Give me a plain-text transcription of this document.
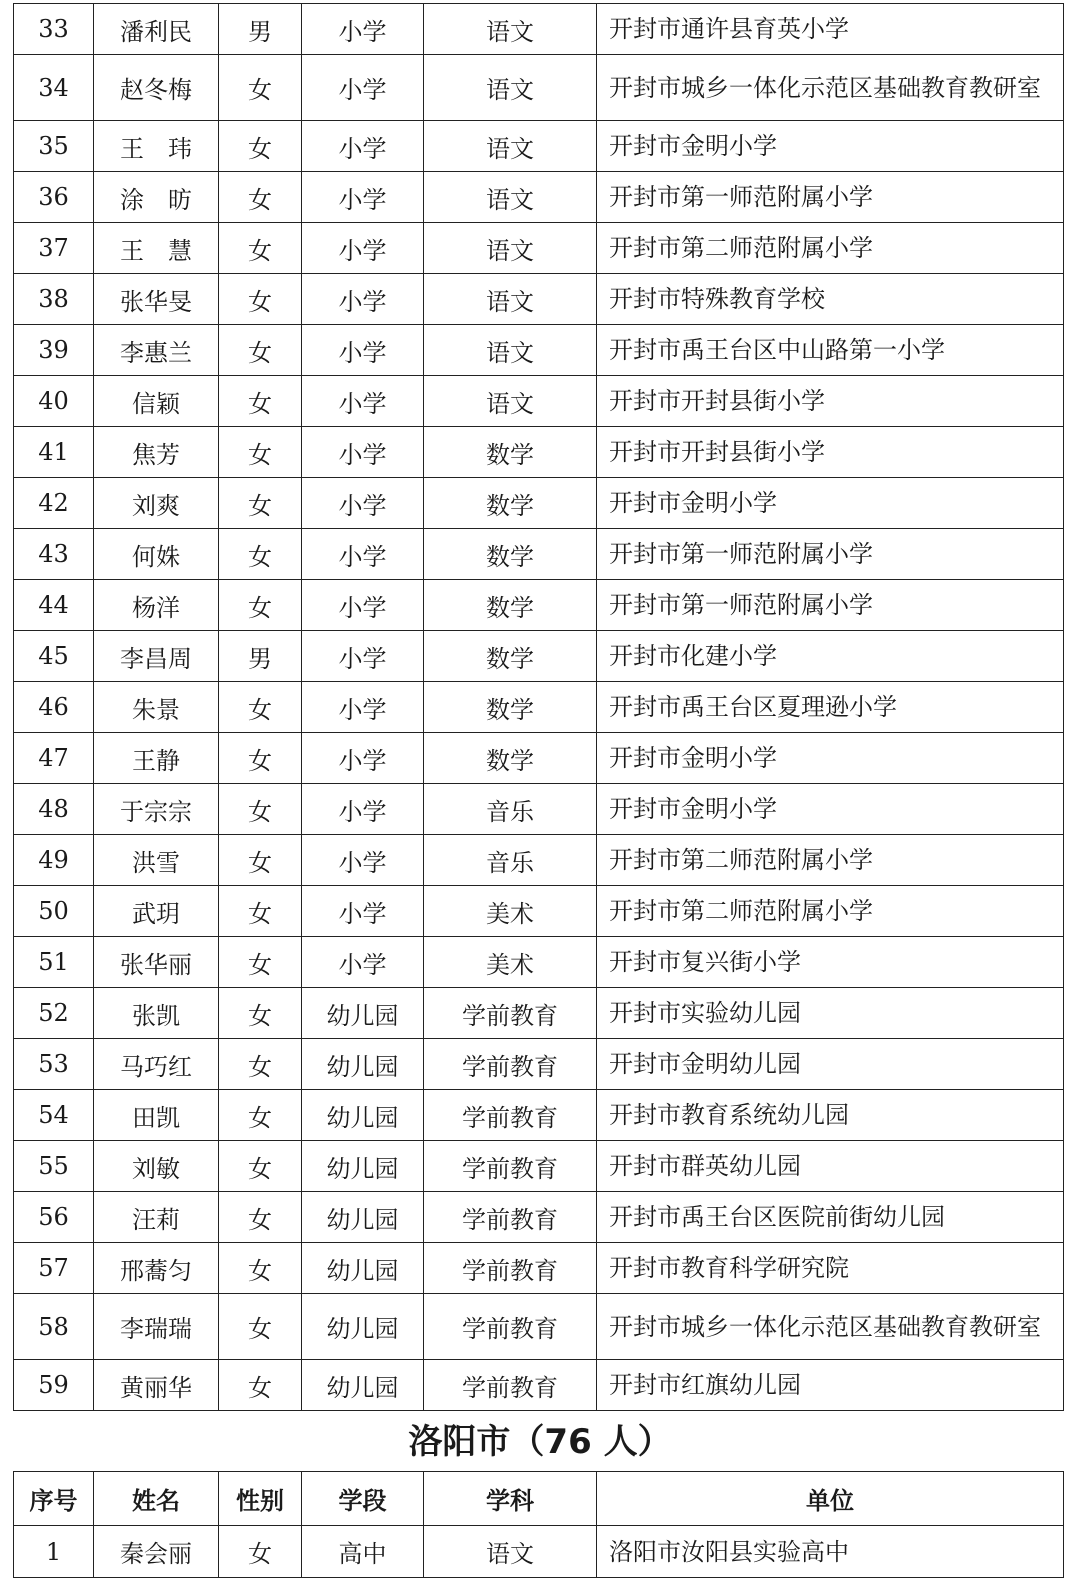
33	潘利民	男	小学	语文	开封市通许县育英小学
34	赵冬梅	女	小学	语文	开封市城乡一体化示范区基础教育教研室
35	王　玮	女	小学	语文	开封市金明小学
36	涂　昉	女	小学	语文	开封市第一师范附属小学
37	王　慧	女	小学	语文	开封市第二师范附属小学
38	张华旻	女	小学	语文	开封市特殊教育学校
39	李惠兰	女	小学	语文	开封市禹王台区中山路第一小学
40	信颖	女	小学	语文	开封市开封县街小学
41	焦芳	女	小学	数学	开封市开封县街小学
42	刘爽	女	小学	数学	开封市金明小学
43	何姝	女	小学	数学	开封市第一师范附属小学
44	杨洋	女	小学	数学	开封市第一师范附属小学
45	李昌周	男	小学	数学	开封市化建小学
46	朱景	女	小学	数学	开封市禹王台区夏理逊小学
47	王静	女	小学	数学	开封市金明小学
48	于宗宗	女	小学	音乐	开封市金明小学
49	洪雪	女	小学	音乐	开封市第二师范附属小学
50	武玥	女	小学	美术	开封市第二师范附属小学
51	张华丽	女	小学	美术	开封市复兴街小学
52	张凯	女	幼儿园	学前教育	开封市实验幼儿园
53	马巧红	女	幼儿园	学前教育	开封市金明幼儿园
54	田凯	女	幼儿园	学前教育	开封市教育系统幼儿园
55	刘敏	女	幼儿园	学前教育	开封市群英幼儿园
56	汪莉	女	幼儿园	学前教育	开封市禹王台区医院前街幼儿园
57	邢蕎匀	女	幼儿园	学前教育	开封市教育科学研究院
58	李瑞瑞	女	幼儿园	学前教育	开封市城乡一体化示范区基础教育教研室
59	黄丽华	女	幼儿园	学前教育	开封市红旗幼儿园
洛阳市（76 人）
序号	姓名	性别	学段	学科	单位
1	秦会丽	女	高中	语文	洛阳市汝阳县实验高中
